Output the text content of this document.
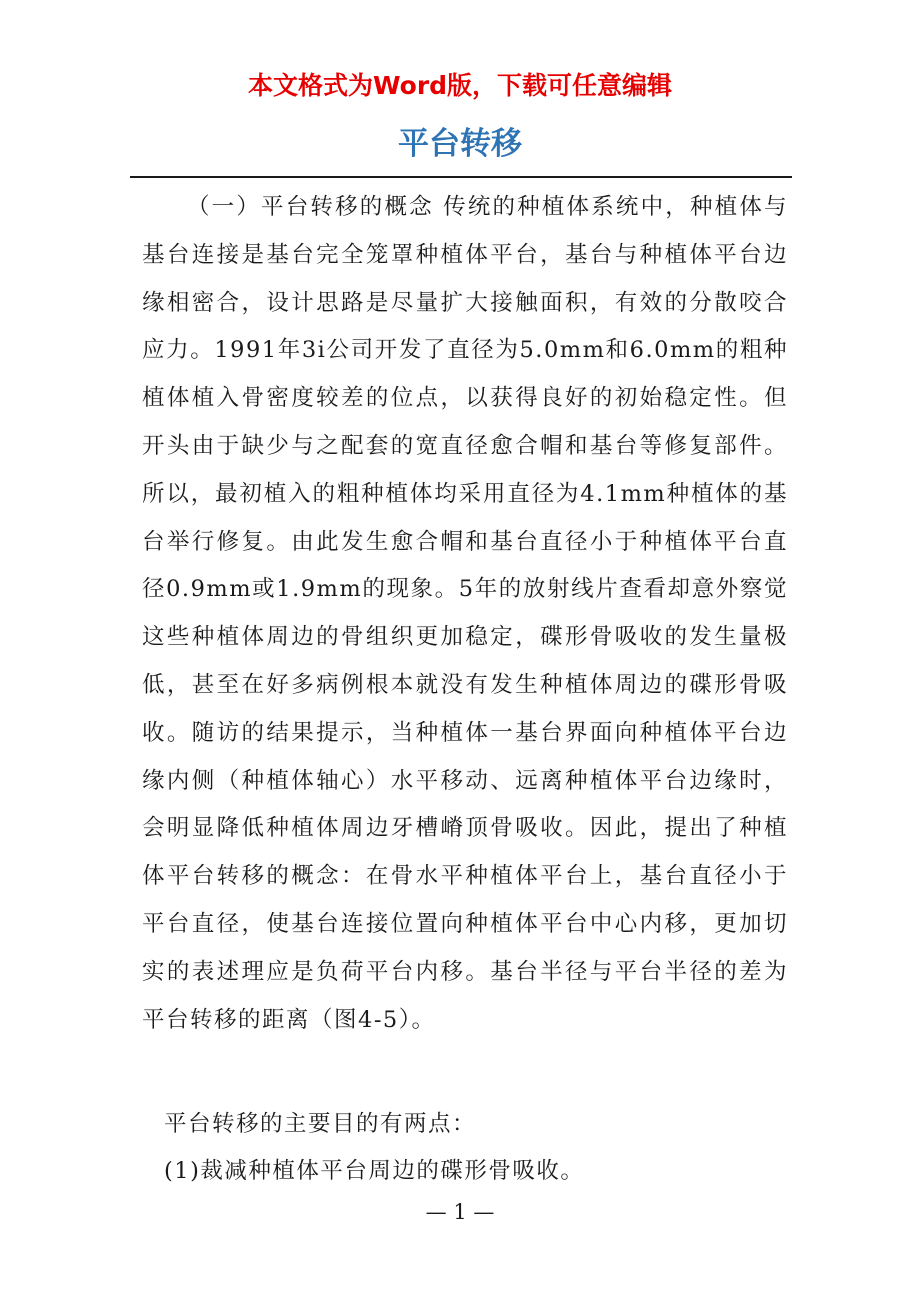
本文格式为Word版，下载可任意编辑
平台转移

（一）平台转移的概念 传统的种植体系统中，种植体与基台连接是基台完全笼罩种植体平台，基台与种植体平台边缘相密合，设计思路是尽量扩大接触面积，有效的分散咬合应力。1991年3i公司开发了直径为5.0mm和6.0mm的粗种植体植入骨密度较差的位点，以获得良好的初始稳定性。但开头由于缺少与之配套的宽直径愈合帽和基台等修复部件。所以，最初植入的粗种植体均采用直径为4.1mm种植体的基台举行修复。由此发生愈合帽和基台直径小于种植体平台直径0.9mm或1.9mm的现象。5年的放射线片查看却意外察觉这些种植体周边的骨组织更加稳定，碟形骨吸收的发生量极低，甚至在好多病例根本就没有发生种植体周边的碟形骨吸收。随访的结果提示，当种植体一基台界面向种植体平台边缘内侧（种植体轴心）水平移动、远离种植体平台边缘时，会明显降低种植体周边牙槽嵴顶骨吸收。因此，提出了种植体平台转移的概念：在骨水平种植体平台上，基台直径小于平台直径，使基台连接位置向种植体平台中心内移，更加切实的表述理应是负荷平台内移。基台半径与平台半径的差为平台转移的距离（图4-5）。

平台转移的主要目的有两点：

(1)裁减种植体平台周边的碟形骨吸收。

— 1 —
